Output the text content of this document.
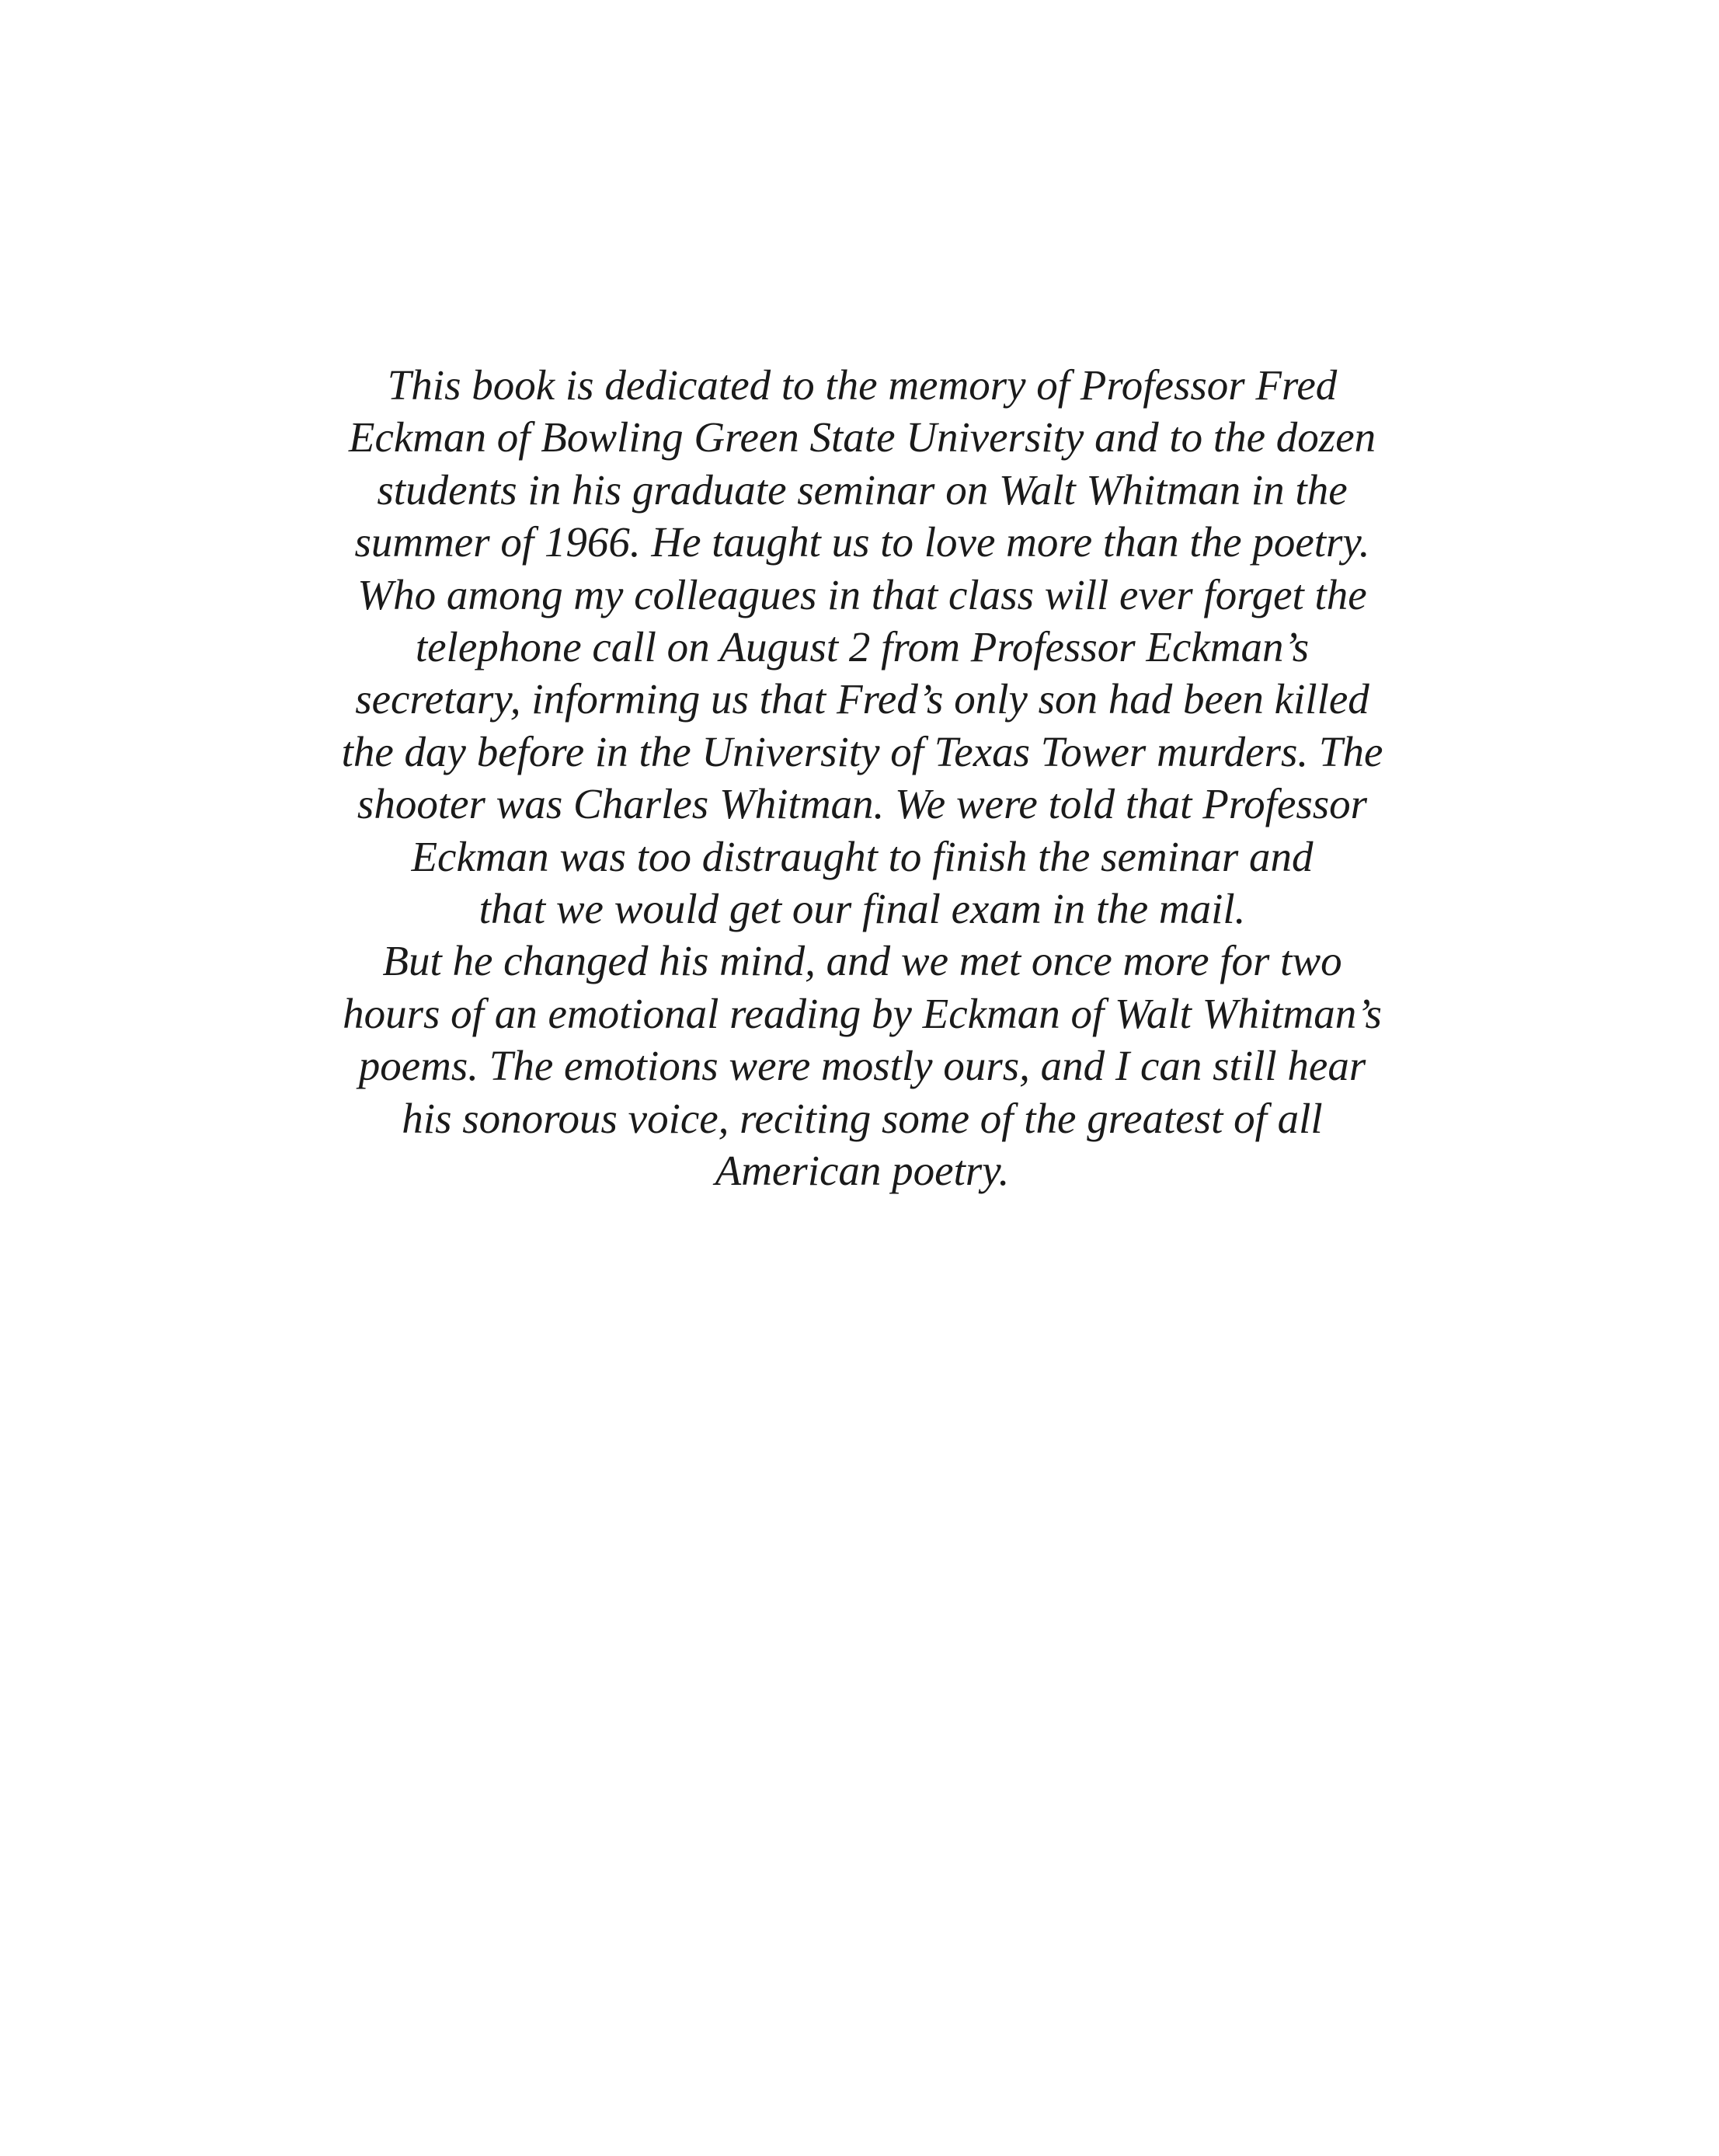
This book is dedicated to the memory of Professor Fred
Eckman of Bowling Green State University and to the dozen
students in his graduate seminar on Walt Whitman in the
summer of 1966. He taught us to love more than the poetry.
Who among my colleagues in that class will ever forget the
telephone call on August 2 from Professor Eckman’s
secretary, informing us that Fred’s only son had been killed
the day before in the University of Texas Tower murders. The
shooter was Charles Whitman. We were told that Professor
Eckman was too distraught to finish the seminar and
that we would get our final exam in the mail.
But he changed his mind, and we met once more for two
hours of an emotional reading by Eckman of Walt Whitman’s
poems. The emotions were mostly ours, and I can still hear
his sonorous voice, reciting some of the greatest of all
American poetry.
